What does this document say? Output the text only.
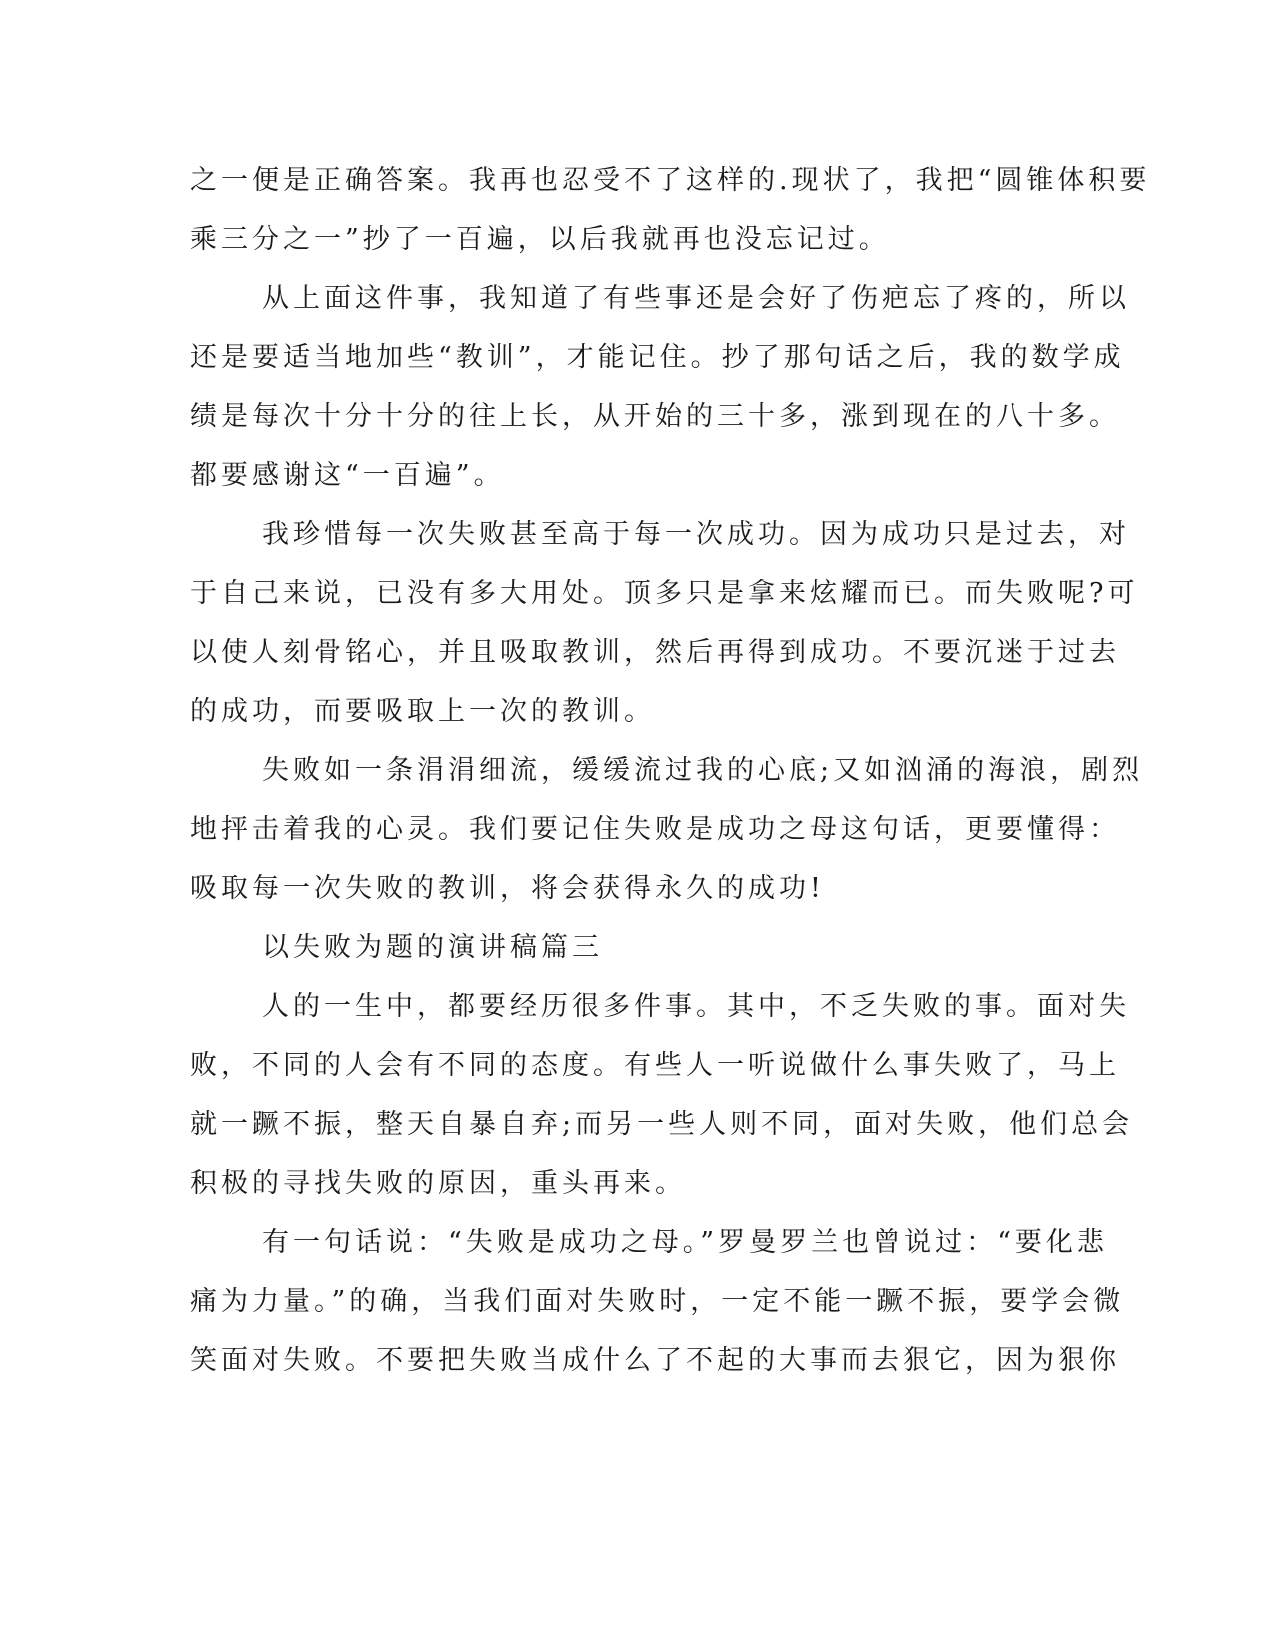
之一便是正确答案。我再也忍受不了这样的.现状了，我把“圆锥体积要
乘三分之一”抄了一百遍，以后我就再也没忘记过。
从上面这件事，我知道了有些事还是会好了伤疤忘了疼的，所以
还是要适当地加些“教训”，才能记住。抄了那句话之后，我的数学成
绩是每次十分十分的往上长，从开始的三十多，涨到现在的八十多。
都要感谢这“一百遍”。
我珍惜每一次失败甚至高于每一次成功。因为成功只是过去，对
于自己来说，已没有多大用处。顶多只是拿来炫耀而已。而失败呢?可
以使人刻骨铭心，并且吸取教训，然后再得到成功。不要沉迷于过去
的成功，而要吸取上一次的教训。
失败如一条涓涓细流，缓缓流过我的心底;又如汹涌的海浪，剧烈
地抨击着我的心灵。我们要记住失败是成功之母这句话，更要懂得：
吸取每一次失败的教训，将会获得永久的成功!
以失败为题的演讲稿篇三
人的一生中，都要经历很多件事。其中，不乏失败的事。面对失
败，不同的人会有不同的态度。有些人一听说做什么事失败了，马上
就一蹶不振，整天自暴自弃;而另一些人则不同，面对失败，他们总会
积极的寻找失败的原因，重头再来。
有一句话说：“失败是成功之母。”罗曼罗兰也曾说过：“要化悲
痛为力量。”的确，当我们面对失败时，一定不能一蹶不振，要学会微
笑面对失败。不要把失败当成什么了不起的大事而去狠它，因为狠你
